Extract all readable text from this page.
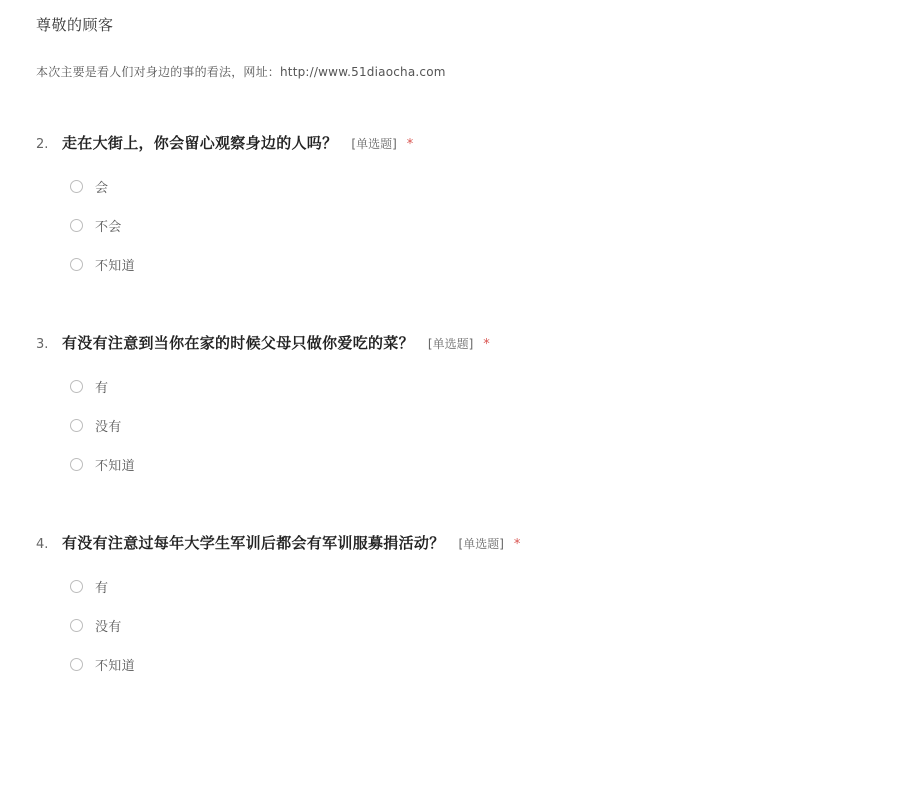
尊敬的顾客

本次主要是看人们对身边的事的看法，网址：http://www.51diaocha.com

2. 走在大街上，你会留心观察身边的人吗？ [单选题] *
会
不会
不知道
3. 有没有注意到当你在家的时候父母只做你爱吃的菜？ [单选题] *
有
没有
不知道
4. 有没有注意过每年大学生军训后都会有军训服募捐活动？ [单选题] *
有
没有
不知道
